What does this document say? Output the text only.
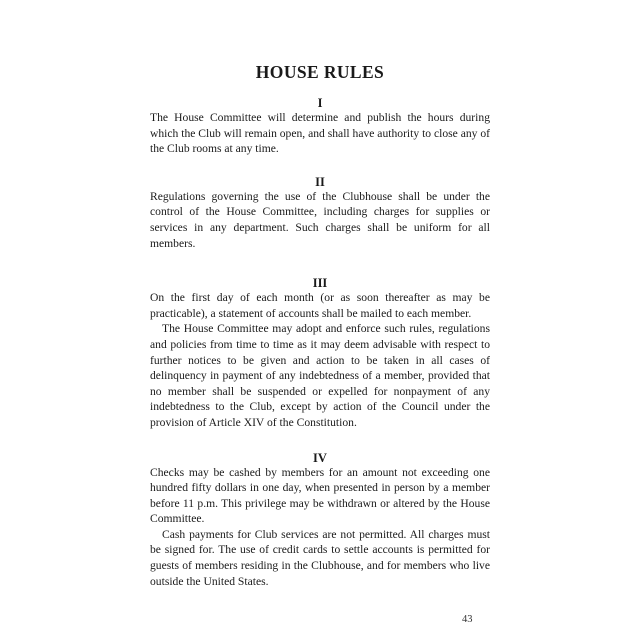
HOUSE RULES

I

The House Committee will determine and publish the hours during which the Club will remain open, and shall have authority to close any of the Club rooms at any time.

II

Regulations governing the use of the Clubhouse shall be under the control of the House Committee, including charges for supplies or services in any department. Such charges shall be uniform for all members.

III

On the first day of each month (or as soon thereafter as may be practicable), a statement of accounts shall be mailed to each member.

The House Committee may adopt and enforce such rules, regulations and policies from time to time as it may deem advisable with respect to further notices to be given and action to be taken in all cases of delinquency in payment of any indebtedness of a member, provided that no member shall be suspended or expelled for nonpayment of any indebtedness to the Club, except by action of the Council under the provision of Article XIV of the Constitution.

IV

Checks may be cashed by members for an amount not exceeding one hundred fifty dollars in one day, when presented in person by a member before 11 p.m. This privilege may be withdrawn or altered by the House Committee.

Cash payments for Club services are not permitted. All charges must be signed for. The use of credit cards to settle accounts is permitted for guests of members residing in the Clubhouse, and for members who live outside the United States.

43
